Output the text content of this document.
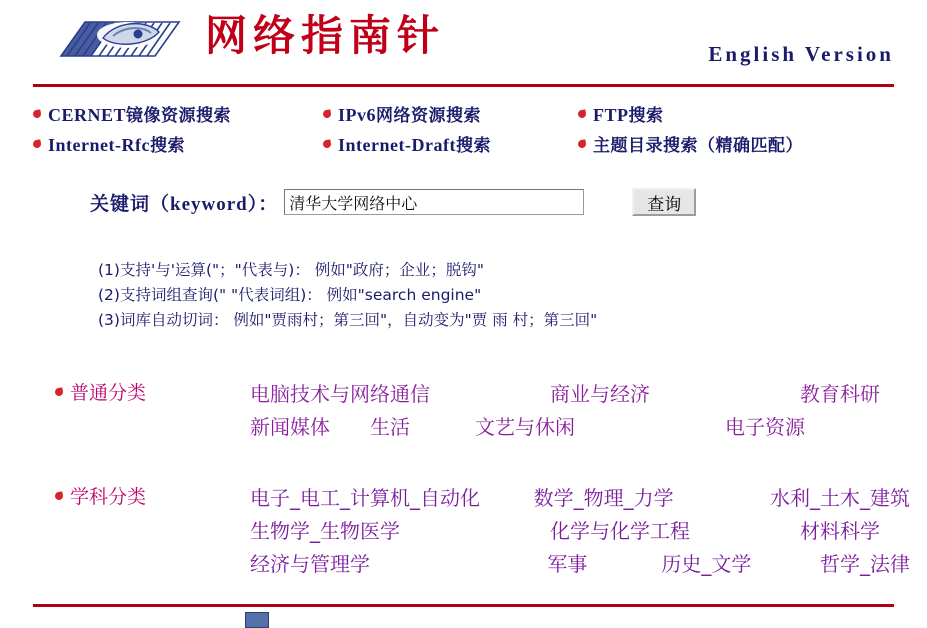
网络指南针	English Version
CERNET 镜像资源搜索	IPv6 网络资源搜索	FTP 搜索
Internet-Rfc 搜索	Internet-Draft 搜索	主题目录搜索（精确匹配）
关键词（keyword）：
清华大学网络中心	查询
(1)支持'与'运算("；"代表与)： 例如"政府；企业；脱钩"
(2)支持词组查询(" "代表词组)： 例如"search engine"
(3)词库自动切词： 例如"贾雨村；第三回"，自动变为"贾 雨 村；第三回"
普通分类	电脑技术与网络通信	商业与经济	教育科研
新闻媒体	生活	文艺与休闲	电子资源
学科分类	电子_电工_计算机_自动化	数学_物理_力学	水利_土木_建筑
生物学_生物医学	化学与化学工程	材料科学
经济与管理学	军事	历史_文学	哲学_法律
